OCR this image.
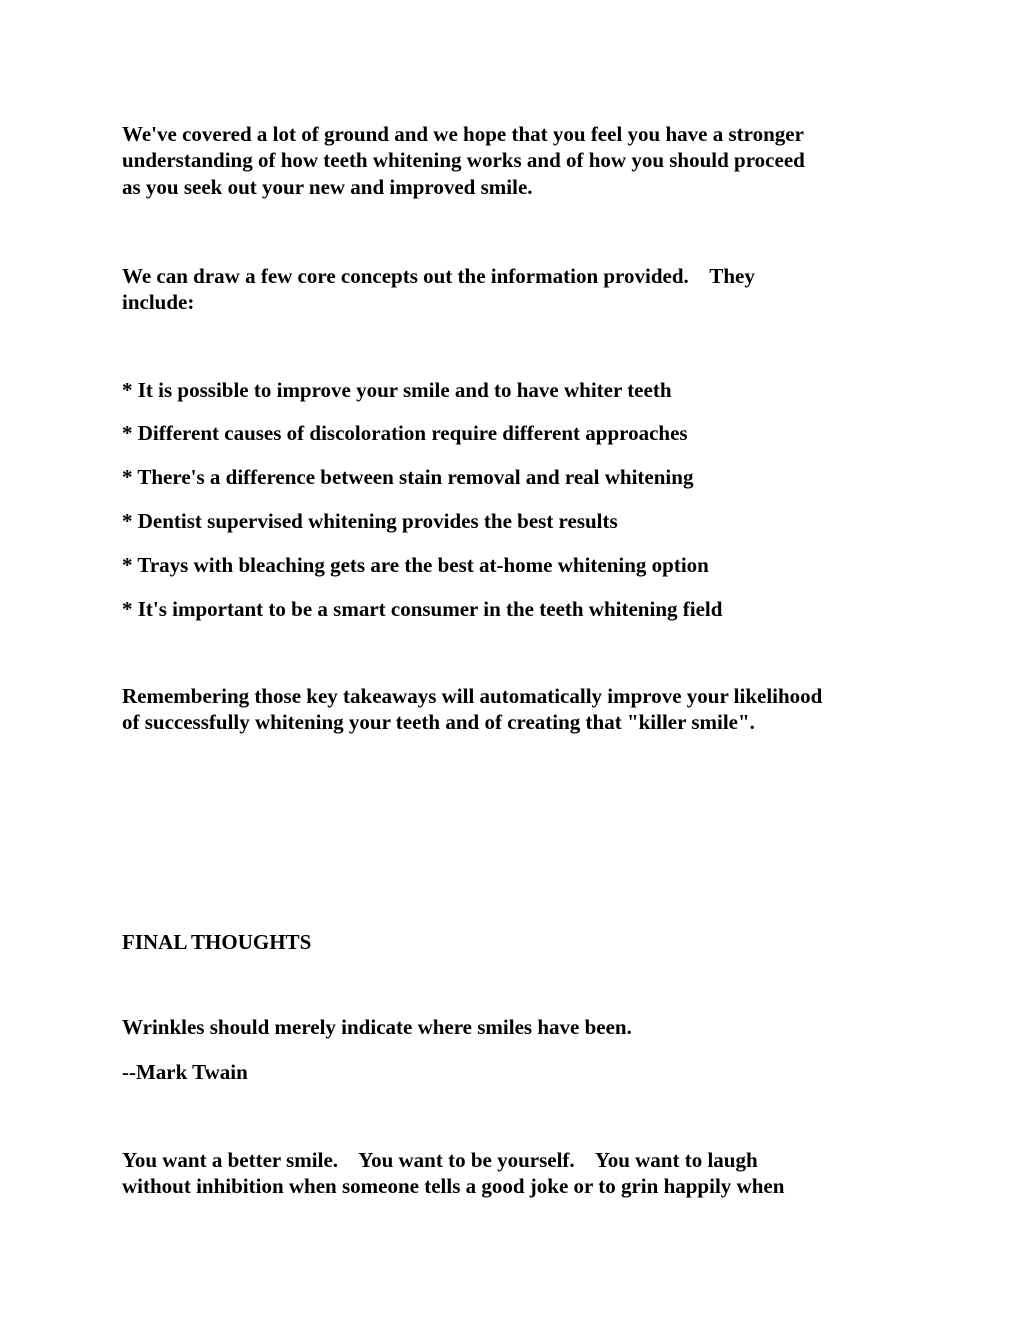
We've covered a lot of ground and we hope that you feel you have a stronger

understanding of how teeth whitening works and of how you should proceed

as you seek out your new and improved smile.

We can draw a few core concepts out the information provided.    They

include:

* It is possible to improve your smile and to have whiter teeth

* Different causes of discoloration require different approaches

* There's a difference between stain removal and real whitening

* Dentist supervised whitening provides the best results

* Trays with bleaching gets are the best at-home whitening option

* It's important to be a smart consumer in the teeth whitening field

Remembering those key takeaways will automatically improve your likelihood

of successfully whitening your teeth and of creating that "killer smile".

FINAL THOUGHTS

Wrinkles should merely indicate where smiles have been.

--Mark Twain

You want a better smile.    You want to be yourself.    You want to laugh

without inhibition when someone tells a good joke or to grin happily when
